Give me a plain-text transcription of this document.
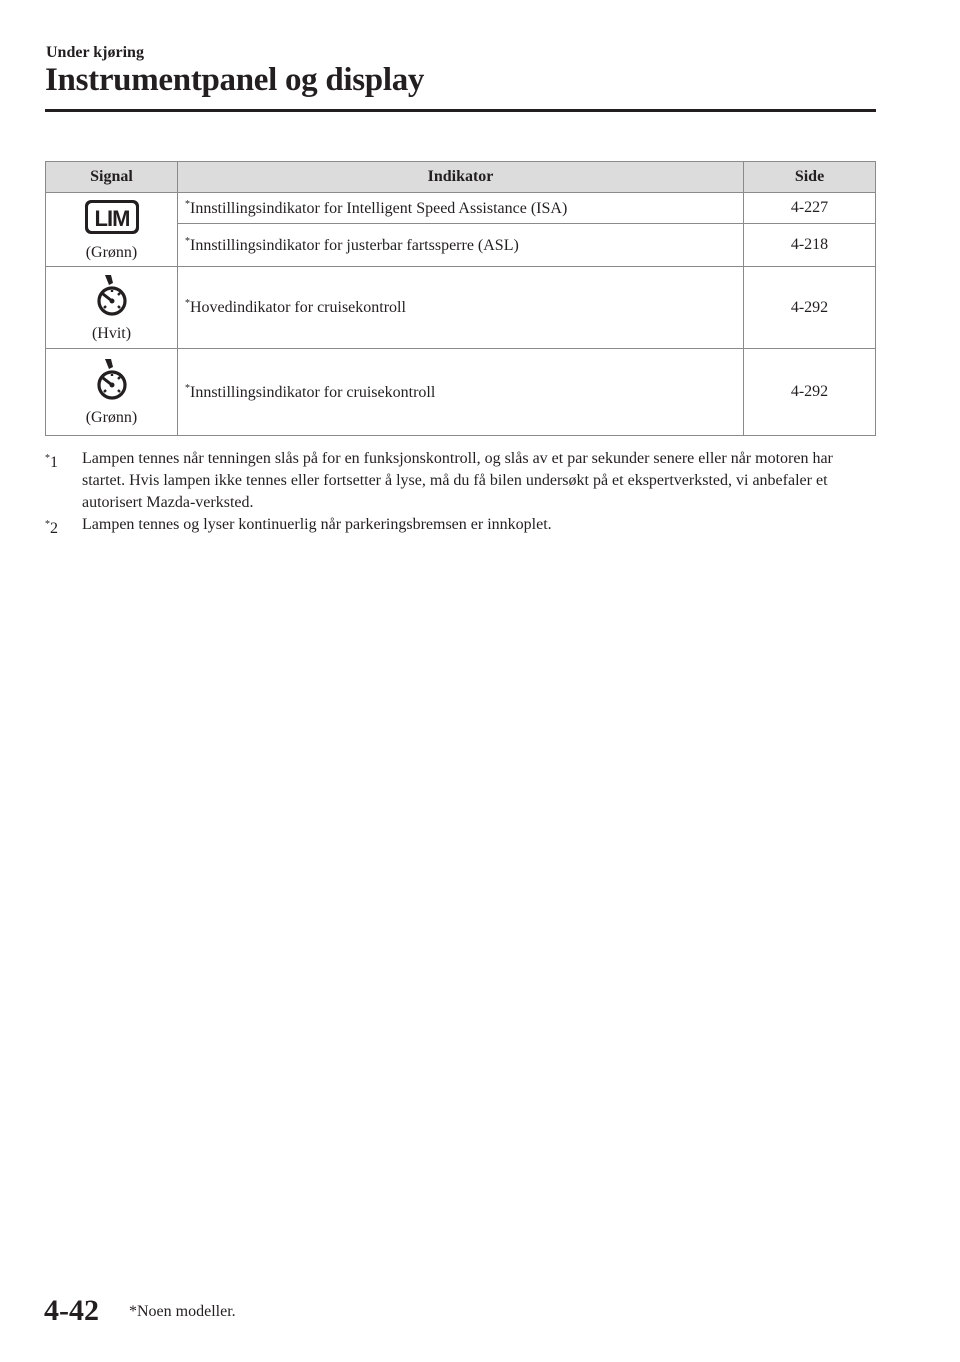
Under kjøring
Instrumentpanel og display
Signal	Indikator	Side

LIM
(Grønn)	*Innstillingsindikator for Intelligent Speed Assistance (ISA)	4-227
	*Innstillingsindikator for justerbar fartssperre (ASL)	4-218

(Hvit)	*Hovedindikator for cruisekontroll	4-292

(Grønn)	*Innstillingsindikator for cruisekontroll	4-292
*1	Lampen tennes når tenningen slås på for en funksjonskontroll, og slås av et par sekunder senere eller når motoren har startet. Hvis lampen ikke tennes eller fortsetter å lyse, må du få bilen undersøkt på et ekspertverksted, vi anbefaler et autorisert Mazda-verksted.
*2	Lampen tennes og lyser kontinuerlig når parkeringsbremsen er innkoplet.
4-42 *Noen modeller.
